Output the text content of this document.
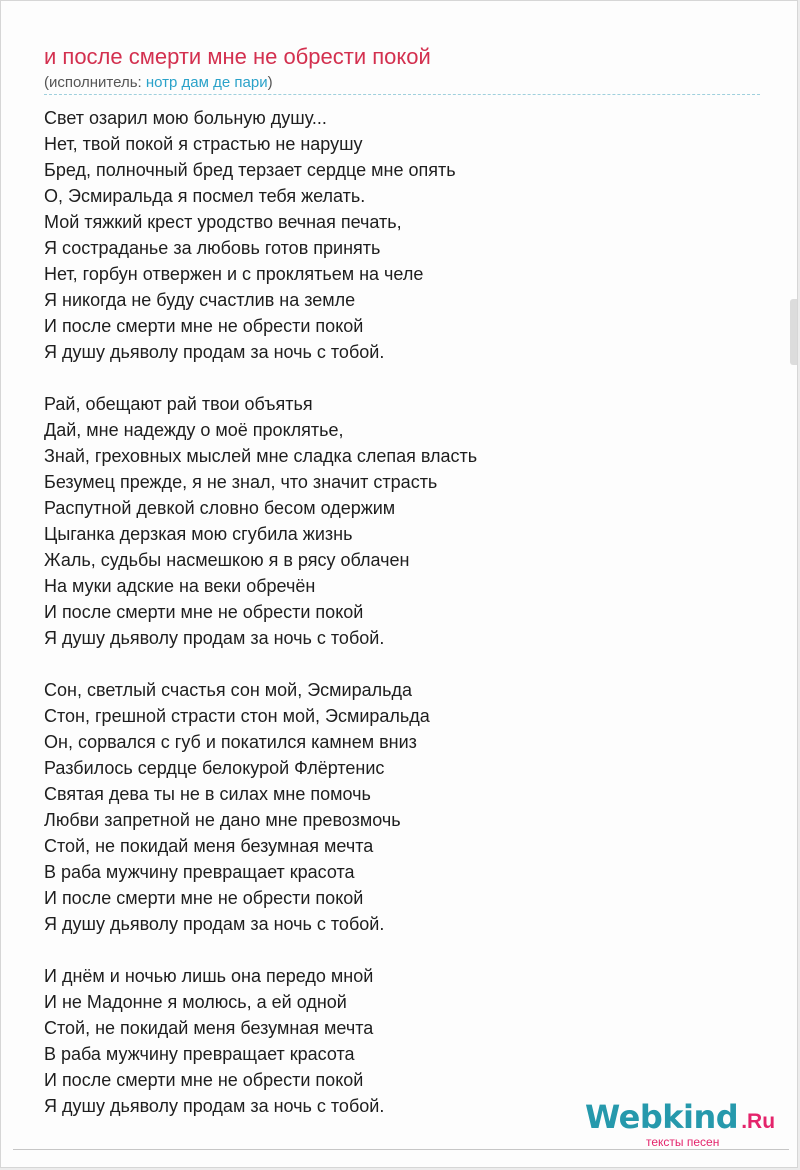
и после смерти мне не обрести покой
(исполнитель: нотр дам де пари)
Свет озарил мою больную душу...
Нет, твой покой я страстью не нарушу
Бред, полночный бред терзает сердце мне опять
О, Эсмиральда я посмел тебя желать.
Мой тяжкий крест уродство вечная печать,
Я состраданье за любовь готов принять
Нет, горбун отвержен и с проклятьем на челе
Я никогда не буду счастлив на земле
И после смерти мне не обрести покой
Я душу дьяволу продам за ночь с тобой.
Рай, обещают рай твои объятья
Дай, мне надежду о моё проклятье,
Знай, греховных мыслей мне сладка слепая власть
Безумец прежде, я не знал, что значит страсть
Распутной девкой словно бесом одержим
Цыганка дерзкая мою сгубила жизнь
Жаль, судьбы насмешкою я в рясу облачен
На муки адские на веки обречён
И после смерти мне не обрести покой
Я душу дьяволу продам за ночь с тобой.
Сон, светлый счастья сон мой, Эсмиральда
Стон, грешной страсти стон мой, Эсмиральда
Он, сорвался с губ и покатился камнем вниз
Разбилось сердце белокурой Флёртенис
Святая дева ты не в силах мне помочь
Любви запретной не дано мне превозмочь
Стой, не покидай меня безумная мечта
В раба мужчину превращает красота
И после смерти мне не обрести покой
Я душу дьяволу продам за ночь с тобой.
И днём и ночью лишь она передо мной
И не Мадонне я молюсь, а ей одной
Стой, не покидай меня безумная мечта
В раба мужчину превращает красота
И после смерти мне не обрести покой
Я душу дьяволу продам за ночь с тобой.	Webkind .Ru
тексты песен
